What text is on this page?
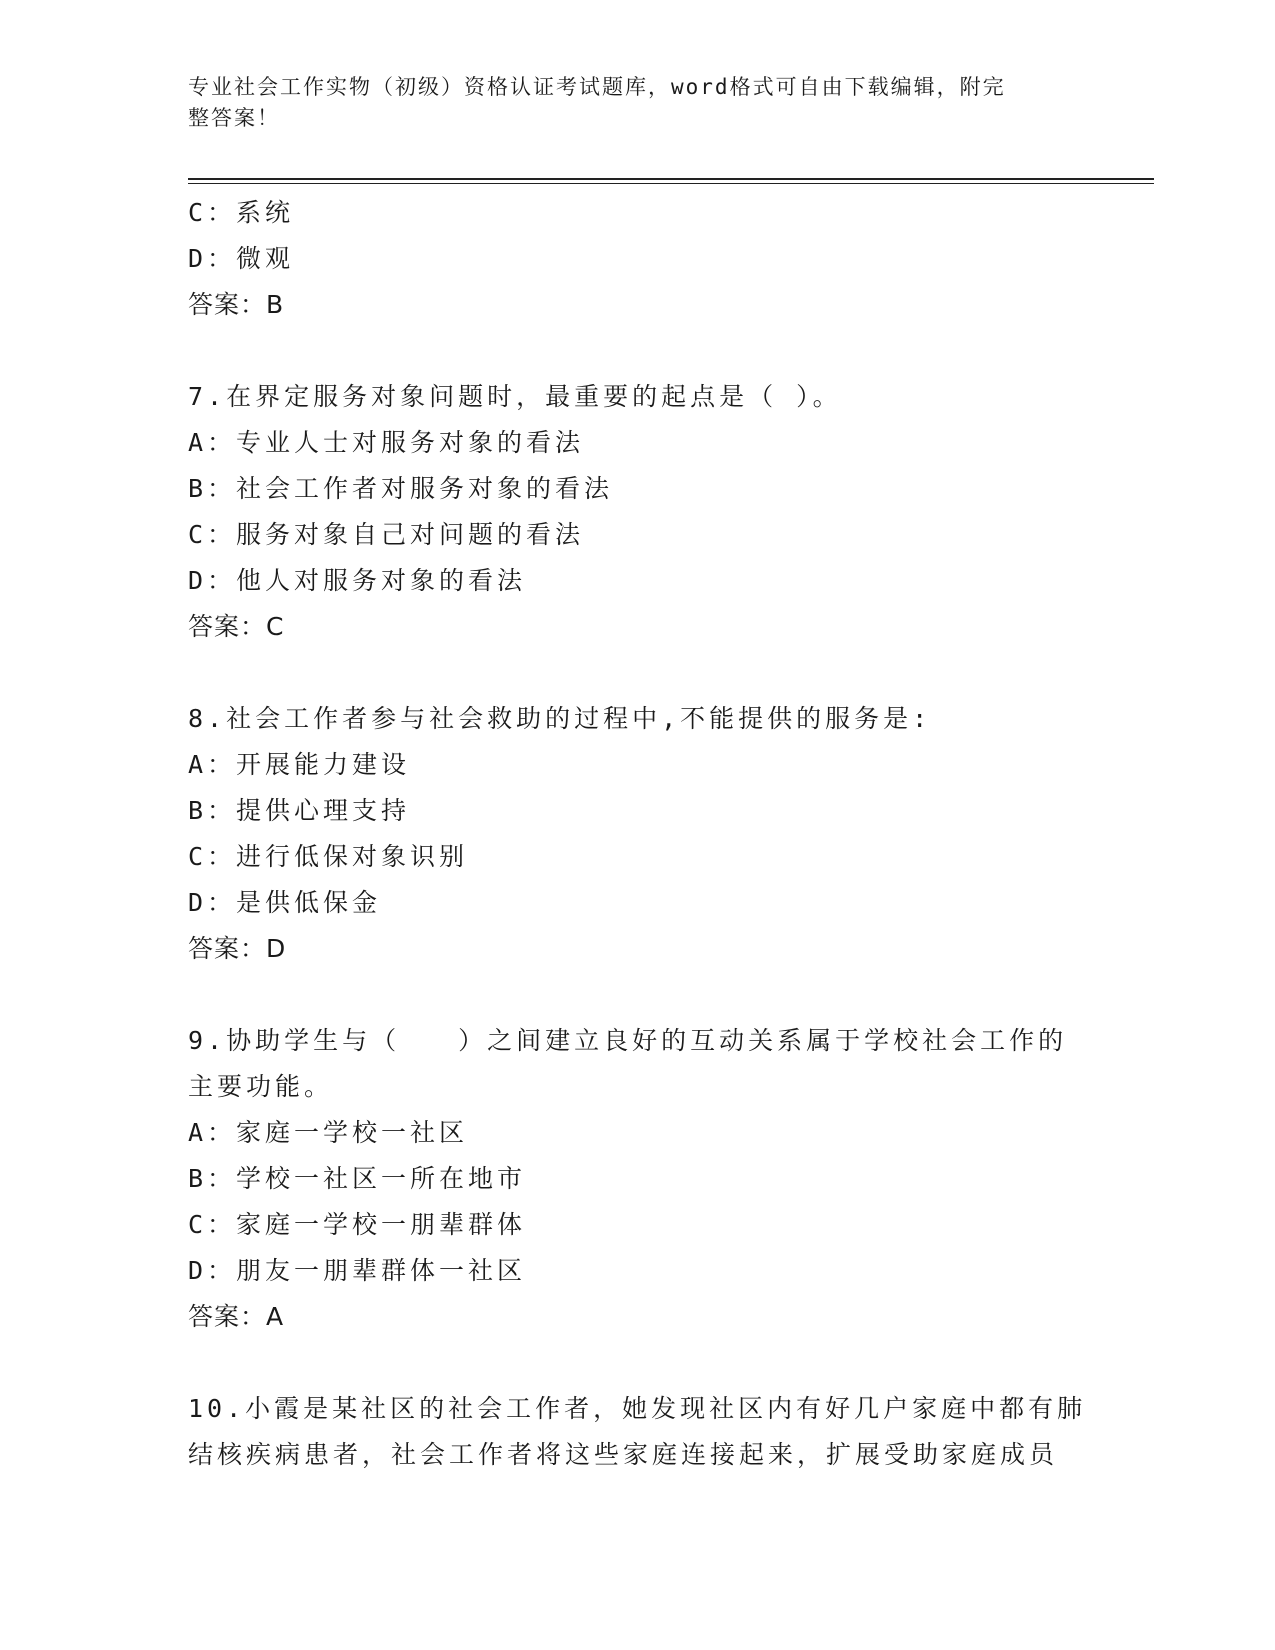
专业社会工作实物（初级）资格认证考试题库，word格式可自由下载编辑，附完
整答案！
C：系统
D：微观
答案：B
7.在界定服务对象问题时，最重要的起点是（ ）。
A：专业人士对服务对象的看法
B：社会工作者对服务对象的看法
C：服务对象自己对问题的看法
D：他人对服务对象的看法
答案：C
8.社会工作者参与社会救助的过程中,不能提供的服务是:
A：开展能力建设
B：提供心理支持
C：进行低保对象识别
D：是供低保金
答案：D
9.协助学生与（　　）之间建立良好的互动关系属于学校社会工作的
主要功能。
A：家庭一学校一社区
B：学校一社区一所在地市
C：家庭一学校一朋辈群体
D：朋友一朋辈群体一社区
答案：A
10.小霞是某社区的社会工作者，她发现社区内有好几户家庭中都有肺
结核疾病患者，社会工作者将这些家庭连接起来，扩展受助家庭成员
